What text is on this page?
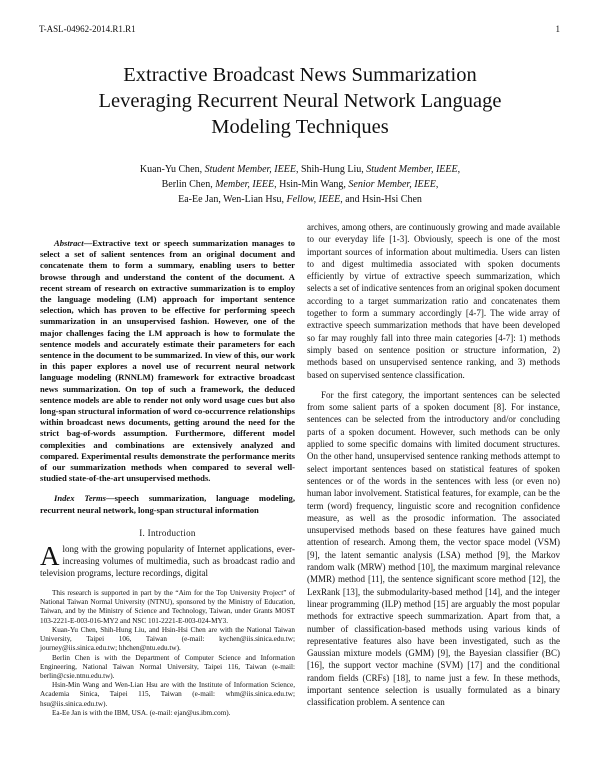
T-ASL-04962-2014.R1.R1	1
Extractive Broadcast News Summarization
Leveraging Recurrent Neural Network Language
Modeling Techniques
Kuan-Yu Chen, Student Member, IEEE, Shih-Hung Liu, Student Member, IEEE,
Berlin Chen, Member, IEEE, Hsin-Min Wang, Senior Member, IEEE,
Ea-Ee Jan, Wen-Lian Hsu, Fellow, IEEE, and Hsin-Hsi Chen

Abstract—Extractive text or speech summarization manages to select a set of salient sentences from an original document and concatenate them to form a summary, enabling users to better browse through and understand the content of the document. A recent stream of research on extractive summarization is to employ the language modeling (LM) approach for important sentence selection, which has proven to be effective for performing speech summarization in an unsupervised fashion. However, one of the major challenges facing the LM approach is how to formulate the sentence models and accurately estimate their parameters for each sentence in the document to be summarized. In view of this, our work in this paper explores a novel use of recurrent neural network language modeling (RNNLM) framework for extractive broadcast news summarization. On top of such a framework, the deduced sentence models are able to render not only word usage cues but also long-span structural information of word co-occurrence relationships within broadcast news documents, getting around the need for the strict bag-of-words assumption. Furthermore, different model complexities and combinations are extensively analyzed and compared. Experimental results demonstrate the performance merits of our summarization methods when compared to several well-studied state-of-the-art unsupervised methods.

Index Terms—speech summarization, language modeling, recurrent neural network, long-span structural information

I. Introduction

Along with the growing popularity of Internet applications, ever-increasing volumes of multimedia, such as broadcast radio and television programs, lecture recordings, digital

This research is supported in part by the “Aim for the Top University Project” of National Taiwan Normal University (NTNU), sponsored by the Ministry of Education, Taiwan, and by the Ministry of Science and Technology, Taiwan, under Grants MOST 103-2221-E-003-016-MY2 and NSC 101-2221-E-003-024-MY3.

Kuan-Yu Chen, Shih-Hung Liu, and Hsin-Hsi Chen are with the National Taiwan University, Taipei 106, Taiwan (e-mail: kychen@iis.sinica.edu.tw; journey@iis.sinica.edu.tw; hhchen@ntu.edu.tw).

Berlin Chen is with the Department of Computer Science and Information Engineering, National Taiwan Normal University, Taipei 116, Taiwan (e-mail: berlin@csie.ntnu.edu.tw).

Hsin-Min Wang and Wen-Lian Hsu are with the Institute of Information Science, Academia Sinica, Taipei 115, Taiwan (e-mail: whm@iis.sinica.edu.tw; hsu@iis.sinica.edu.tw).

Ea-Ee Jan is with the IBM, USA. (e-mail: ejan@us.ibm.com).

archives, among others, are continuously growing and made available to our everyday life [1-3]. Obviously, speech is one of the most important sources of information about multimedia. Users can listen to and digest multimedia associated with spoken documents efficiently by virtue of extractive speech summarization, which selects a set of indicative sentences from an original spoken document according to a target summarization ratio and concatenates them together to form a summary accordingly [4-7]. The wide array of extractive speech summarization methods that have been developed so far may roughly fall into three main categories [4-7]: 1) methods simply based on sentence position or structure information, 2) methods based on unsupervised sentence ranking, and 3) methods based on supervised sentence classification.

For the first category, the important sentences can be selected from some salient parts of a spoken document [8]. For instance, sentences can be selected from the introductory and/or concluding parts of a spoken document. However, such methods can be only applied to some specific domains with limited document structures. On the other hand, unsupervised sentence ranking methods attempt to select important sentences based on statistical features of spoken sentences or of the words in the sentences with less (or even no) human labor involvement. Statistical features, for example, can be the term (word) frequency, linguistic score and recognition confidence measure, as well as the prosodic information. The associated unsupervised methods based on these features have gained much attention of research. Among them, the vector space model (VSM) [9], the latent semantic analysis (LSA) method [9], the Markov random walk (MRW) method [10], the maximum marginal relevance (MMR) method [11], the sentence significant score method [12], the LexRank [13], the submodularity-based method [14], and the integer linear programming (ILP) method [15] are arguably the most popular methods for extractive speech summarization. Apart from that, a number of classification-based methods using various kinds of representative features also have been investigated, such as the Gaussian mixture models (GMM) [9], the Bayesian classifier (BC) [16], the support vector machine (SVM) [17] and the conditional random fields (CRFs) [18], to name just a few. In these methods, important sentence selection is usually formulated as a binary classification problem. A sentence can
